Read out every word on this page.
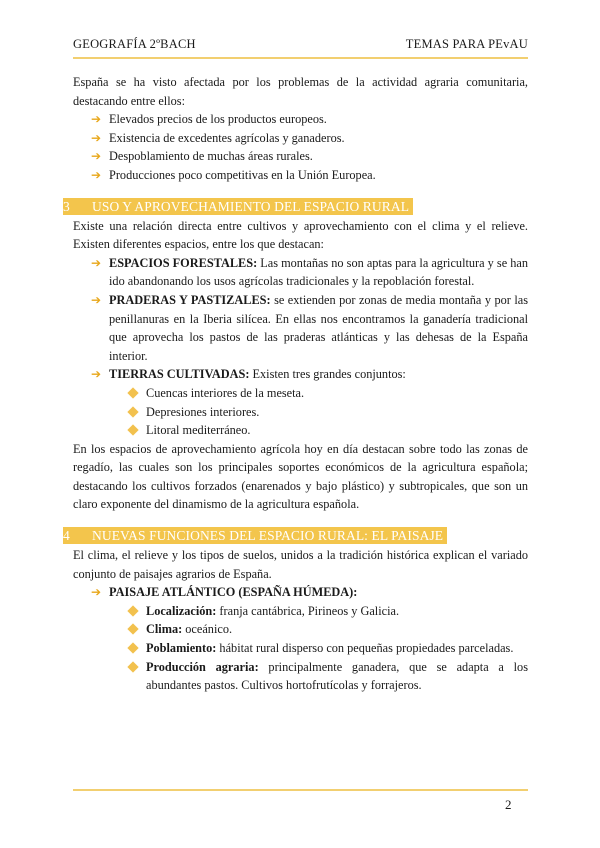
GEOGRAFÍA 2ºBACH	TEMAS PARA PEvAU

España se ha visto afectada por los problemas de la actividad agraria comunitaria, destacando entre ellos:

➔ Elevados precios de los productos europeos.
➔ Existencia de excedentes agrícolas y ganaderos.
➔ Despoblamiento de muchas áreas rurales.
➔ Producciones poco competitivas en la Unión Europea.
3 USO Y APROVECHAMIENTO DEL ESPACIO RURAL

Existe una relación directa entre cultivos y aprovechamiento con el clima y el relieve. Existen diferentes espacios, entre los que destacan:

➔ ESPACIOS FORESTALES: Las montañas no son aptas para la agricultura y se han ido abandonando los usos agrícolas tradicionales y la repoblación forestal.
➔ PRADERAS Y PASTIZALES: se extienden por zonas de media montaña y por las penillanuras en la Iberia silícea. En ellas nos encontramos la ganadería tradicional que aprovecha los pastos de las praderas atlánticas y las dehesas de la España interior.
➔ TIERRAS CULTIVADAS: Existen tres grandes conjuntos:
Cuencas interiores de la meseta.
Depresiones interiores.
Litoral mediterráneo.

En los espacios de aprovechamiento agrícola hoy en día destacan sobre todo las zonas de regadío, las cuales son los principales soportes económicos de la agricultura española; destacando los cultivos forzados (enarenados y bajo plástico) y subtropicales, que son un claro exponente del dinamismo de la agricultura española.

4 NUEVAS FUNCIONES DEL ESPACIO RURAL: EL PAISAJE

El clima, el relieve y los tipos de suelos, unidos a la tradición histórica explican el variado conjunto de paisajes agrarios de España.

➔ PAISAJE ATLÁNTICO (ESPAÑA HÚMEDA):
Localización: franja cantábrica, Pirineos y Galicia.
Clima: oceánico.
Poblamiento: hábitat rural disperso con pequeñas propiedades parceladas.
Producción agraria: principalmente ganadera, que se adapta a los abundantes pastos. Cultivos hortofrutícolas y forrajeros.
2
